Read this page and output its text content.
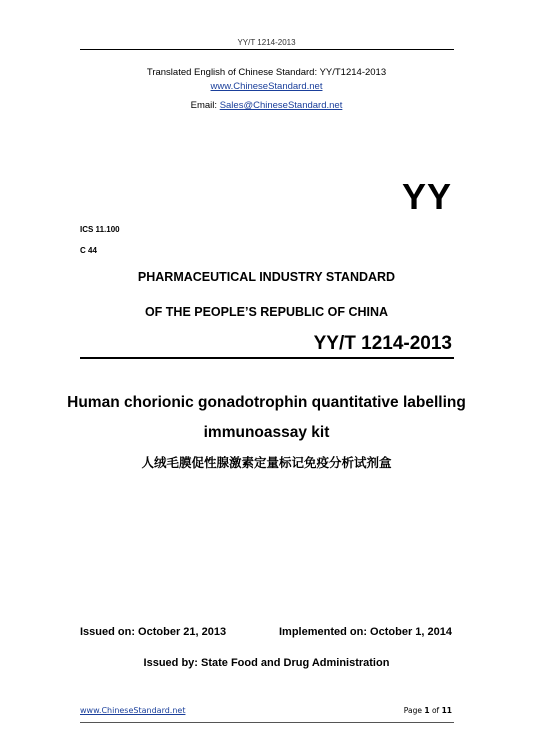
YY/T 1214-2013
Translated English of Chinese Standard: YY/T1214-2013
www.ChineseStandard.net
Email: Sales@ChineseStandard.net
YY
ICS 11.100
C 44
PHARMACEUTICAL INDUSTRY STANDARD
OF THE PEOPLE’S REPUBLIC OF CHINA
YY/T 1214-2013
Human chorionic gonadotrophin quantitative labelling
immunoassay kit
人绒毛膜促性腺激素定量标记免疫分析试剂盒
Issued on: October 21, 2013	Implemented on: October 1, 2014
Issued by: State Food and Drug Administration
www.ChineseStandard.net	Page 1 of 11
